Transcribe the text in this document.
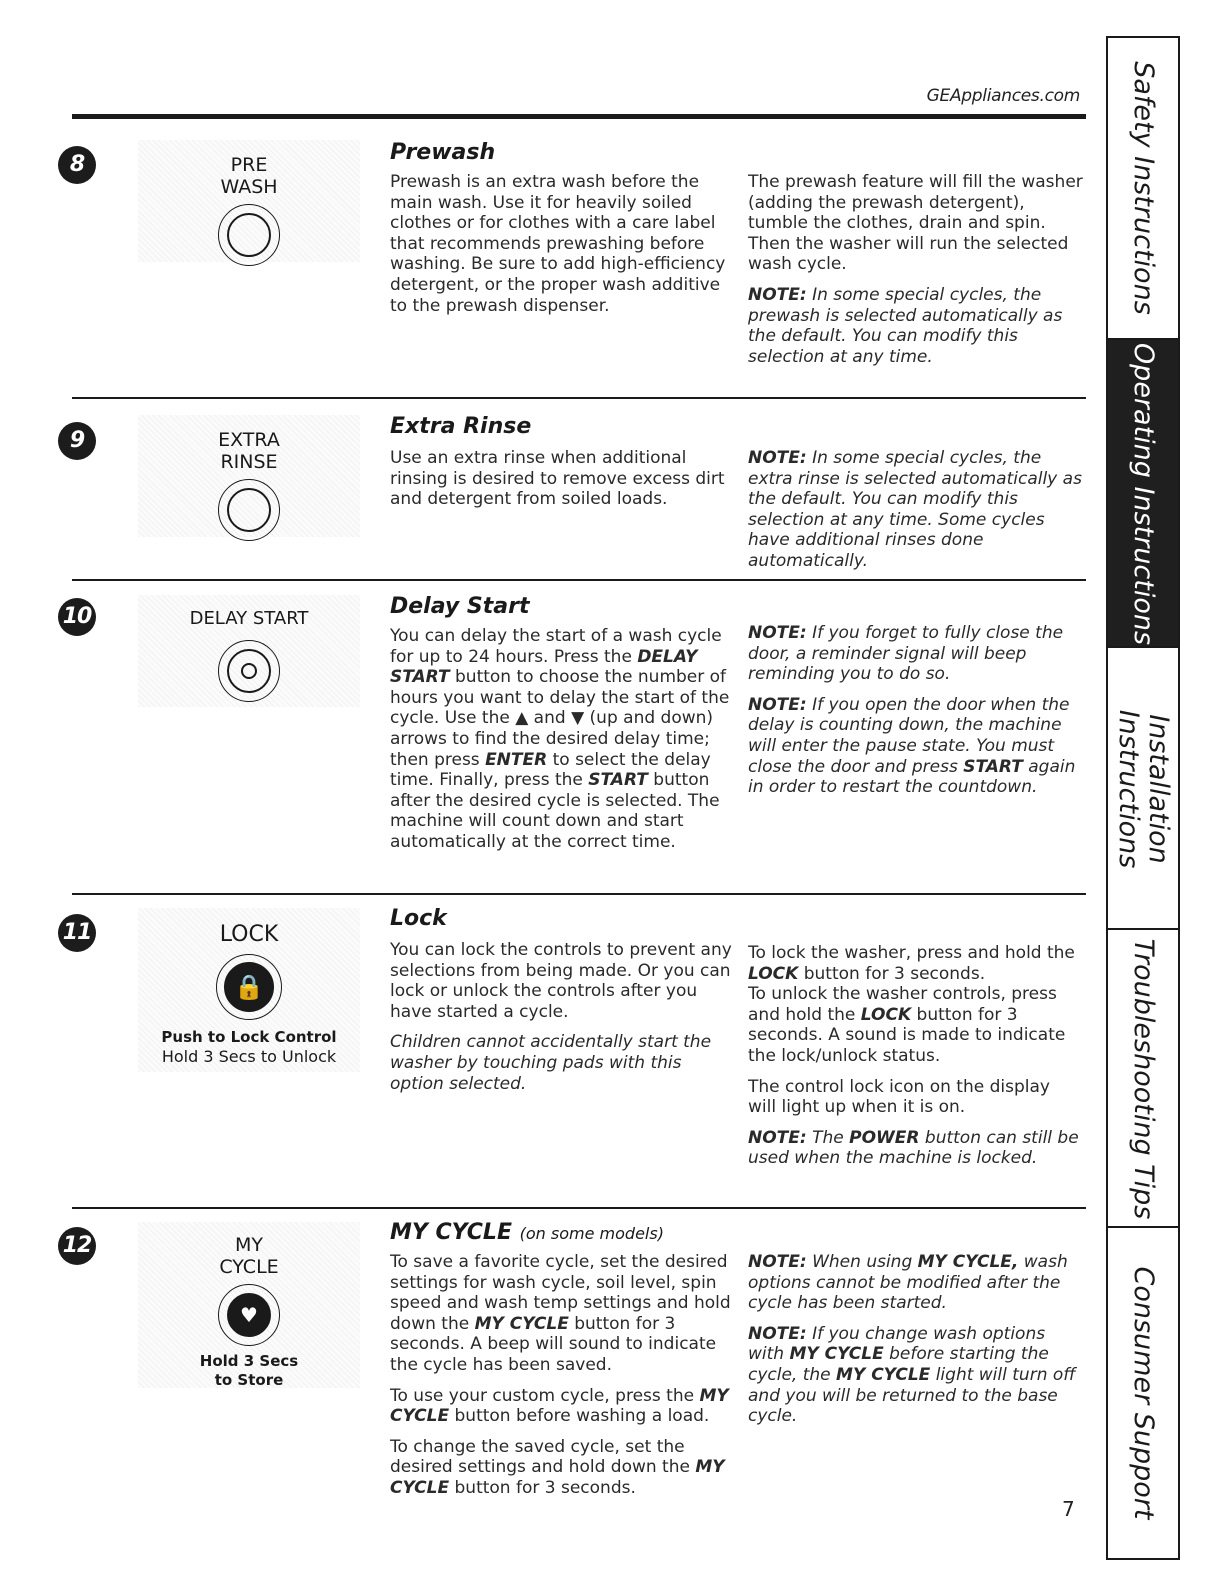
GEAppliances.com
8	PRE
WASH
Prewash

Prewash is an extra wash before the main wash. Use it for heavily soiled clothes or for clothes with a care label that recommends prewashing before washing. Be sure to add high-efficiency detergent, or the proper wash additive to the prewash dispenser.

The prewash feature will fill the washer (adding the prewash detergent), tumble the clothes, drain and spin. Then the washer will run the selected wash cycle.

NOTE: In some special cycles, the prewash is selected automatically as the default. You can modify this selection at any time.

9	EXTRA
RINSE
Extra Rinse

Use an extra rinse when additional rinsing is desired to remove excess dirt and detergent from soiled loads.

NOTE: In some special cycles, the extra rinse is selected automatically as the default. You can modify this selection at any time. Some cycles have additional rinses done automatically.

10	DELAY START	Delay Start

You can delay the start of a wash cycle for up to 24 hours. Press the DELAY START button to choose the number of hours you want to delay the start of the cycle. Use the ▲ and ▼ (up and down) arrows to find the desired delay time; then press ENTER to select the delay time. Finally, press the START button after the desired cycle is selected. The machine will count down and start automatically at the correct time.

NOTE: If you forget to fully close the door, a reminder signal will beep reminding you to do so.

NOTE: If you open the door when the delay is counting down, the machine will enter the pause state. You must close the door and press START again in order to restart the countdown.

11	LOCK
🔒
Push to Lock Control
Hold 3 Secs to Unlock
Lock

You can lock the controls to prevent any selections from being made. Or you can lock or unlock the controls after you have started a cycle.

Children cannot accidentally start the washer by touching pads with this option selected.

To lock the washer, press and hold the LOCK button for 3 seconds.
To unlock the washer controls, press and hold the LOCK button for 3 seconds. A sound is made to indicate the lock/unlock status.

The control lock icon on the display will light up when it is on.

NOTE: The POWER button can still be used when the machine is locked.

12	MY
CYCLE
♥
Hold 3 Secs
to Store
MY CYCLE (on some models)

To save a favorite cycle, set the desired settings for wash cycle, soil level, spin speed and wash temp settings and hold down the MY CYCLE button for 3 seconds. A beep will sound to indicate the cycle has been saved.

To use your custom cycle, press the MY CYCLE button before washing a load.

To change the saved cycle, set the desired settings and hold down the MY CYCLE button for 3 seconds.

NOTE: When using MY CYCLE, wash options cannot be modified after the cycle has been started.

NOTE: If you change wash options with MY CYCLE before starting the cycle, the MY CYCLE light will turn off and you will be returned to the base cycle.

7
Safety Instructions
Operating Instructions
Installation
Instructions
Troubleshooting Tips
Consumer Support
